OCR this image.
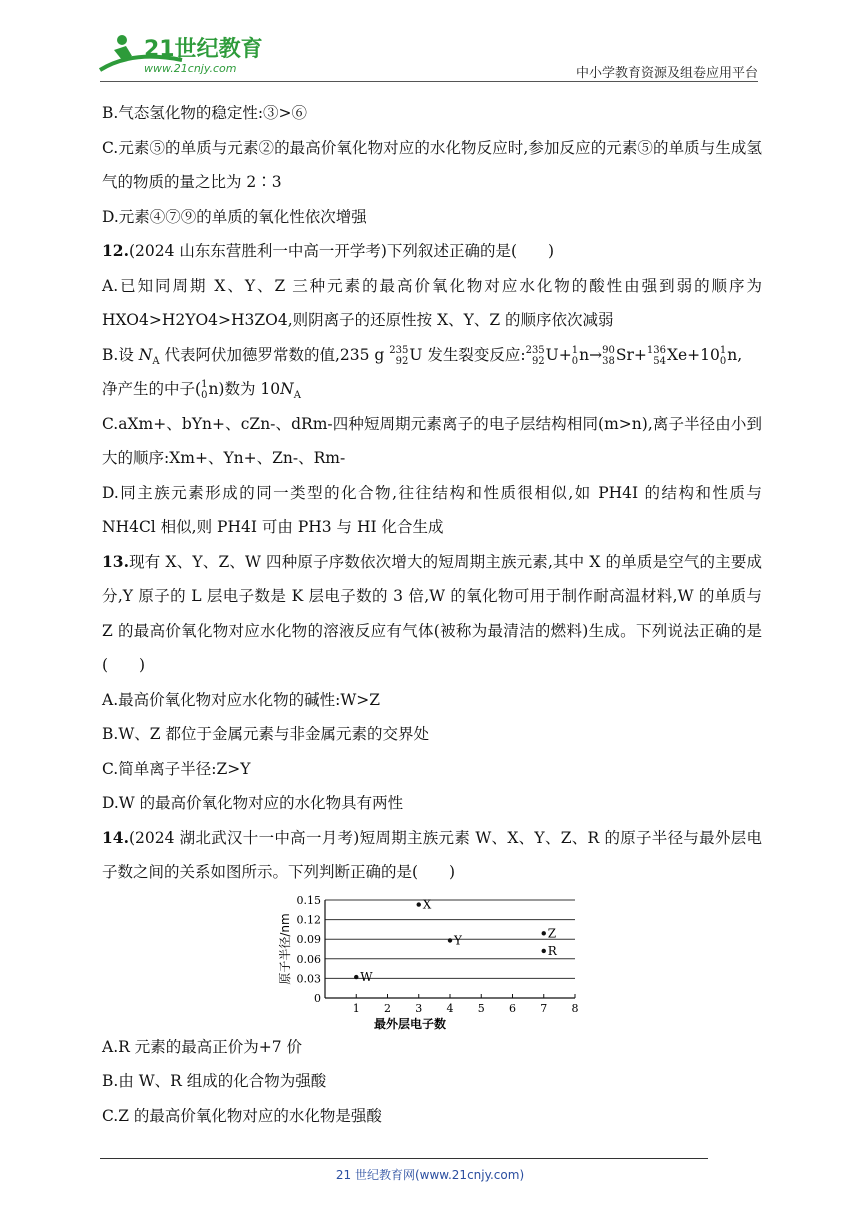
21世纪教育
www.21cnjy.com	中小学教育资源及组卷应用平台

B.气态氢化物的稳定性:③>⑥

C.元素⑤的单质与元素②的最高价氧化物对应的水化物反应时,参加反应的元素⑤的单质与生成氢气的物质的量之比为 2∶3

D.元素④⑦⑨的单质的氧化性依次增强

12.(2024 山东东营胜利一中高一开学考)下列叙述正确的是(　　)

A.已知同周期 X、Y、Z 三种元素的最高价氧化物对应水化物的酸性由强到弱的顺序为 HXO4>H2YO4>H3ZO4,则阴离子的还原性按 X、Y、Z 的顺序依次减弱

B.设 $N_A$ 代表阿伏加德罗常数的值,235 g 235
92 U 发生裂变反应: 235
92 U+ 1
0 n→ 90
38 Sr+ 136
54 Xe+10 1
0 n,

净产生的中子( 1
0 n)数为 $10N_A$

C.aXm+、bYn+、cZn-、dRm-四种短周期元素离子的电子层结构相同(m>n),离子半径由小到大的顺序:Xm+、Yn+、Zn-、Rm-

D.同主族元素形成的同一类型的化合物,往往结构和性质很相似,如 PH4I 的结构和性质与 NH4Cl 相似,则 PH4I 可由 PH3 与 HI 化合生成

13.现有 X、Y、Z、W 四种原子序数依次增大的短周期主族元素,其中 X 的单质是空气的主要成分,Y 原子的 L 层电子数是 K 层电子数的 3 倍,W 的氧化物可用于制作耐高温材料,W 的单质与 Z 的最高价氧化物对应水化物的溶液反应有气体(被称为最清洁的燃料)生成。下列说法正确的是(　　)

A.最高价氧化物对应水化物的碱性:W>Z

B.W、Z 都位于金属元素与非金属元素的交界处

C.简单离子半径:Z>Y

D.W 的最高价氧化物对应的水化物具有两性

14.(2024 湖北武汉十一中高一月考)短周期主族元素 W、X、Y、Z、R 的原子半径与最外层电子数之间的关系如图所示。下列判断正确的是(　　)

0
0.03
0.06
0.09
0.12
0.15
1 2 3 4 5 6 7 8
最外层电子数
原子半径/nm	W
X
Y
Z
R

A.R 元素的最高正价为+7 价

B.由 W、R 组成的化合物为强酸

C.Z 的最高价氧化物对应的水化物是强酸

21 世纪教育网(www.21cnjy.com)
